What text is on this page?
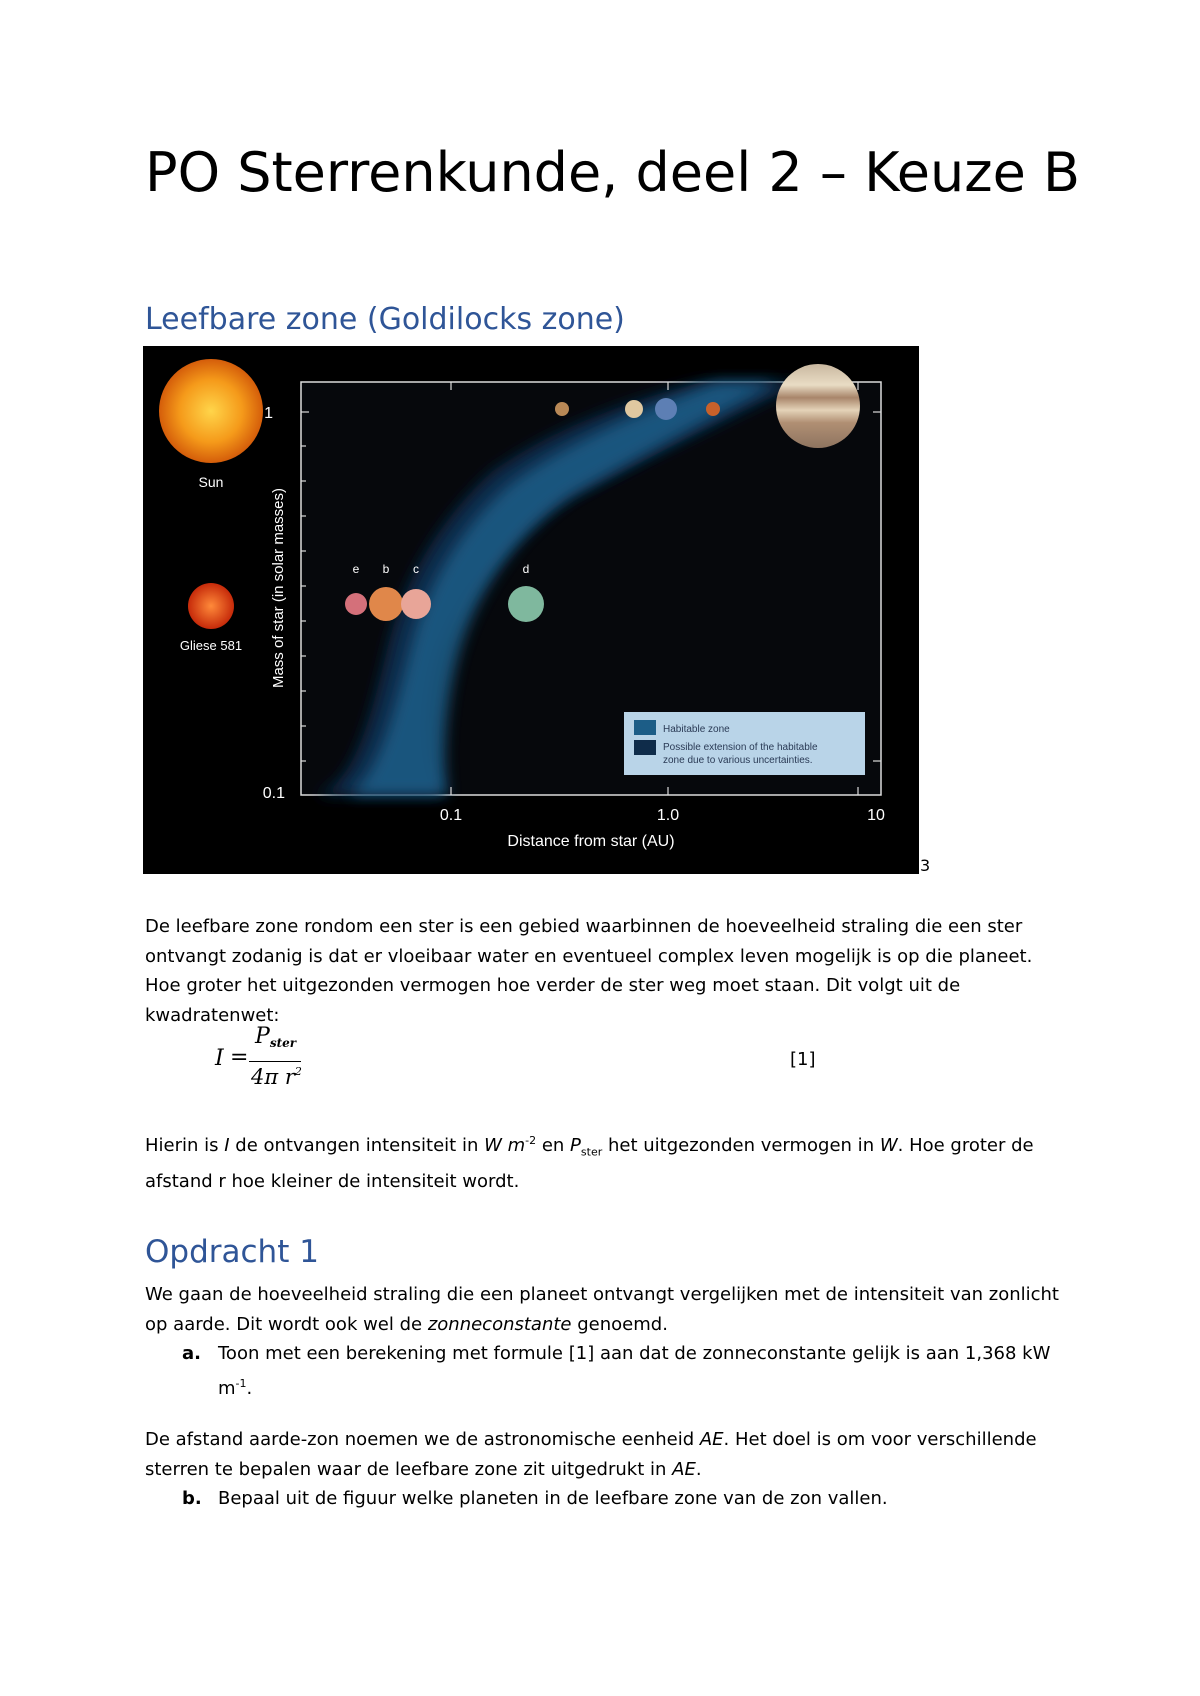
PO Sterrenkunde, deel 2 – Keuze B
Leefbare zone (Goldilocks zone)
Sun
Gliese 581 Mass of star (in solar masses)
1
0.1
0.1	1.0	10
Distance from star (AU)
e b c	d
Habitable zone
Possible extension of the habitable
zone due to various uncertainties.
3

De leefbare zone rondom een ster is een gebied waarbinnen de hoeveelheid straling die een ster ontvangt zodanig is dat er vloeibaar water en eventueel complex leven mogelijk is op die planeet. Hoe groter het uitgezonden vermogen hoe verder de ster weg moet staan. Dit volgt uit de kwadratenwet:

I =
$P_{ster}$
4π $r^2$
[1]

Hierin is I de ontvangen intensiteit in W $m^{-2}$ en $P_{ster}$ het uitgezonden vermogen in W. Hoe groter de afstand r hoe kleiner de intensiteit wordt.

Opdracht 1

We gaan de hoeveelheid straling die een planeet ontvangt vergelijken met de intensiteit van zonlicht op aarde. Dit wordt ook wel de zonneconstante genoemd.

a. Toon met een berekening met formule [1] aan dat de zonneconstante gelijk is aan 1,368 kW $m^{-1}$.

De afstand aarde-zon noemen we de astronomische eenheid AE. Het doel is om voor verschillende sterren te bepalen waar de leefbare zone zit uitgedrukt in AE.

b. Bepaal uit de figuur welke planeten in de leefbare zone van de zon vallen.
